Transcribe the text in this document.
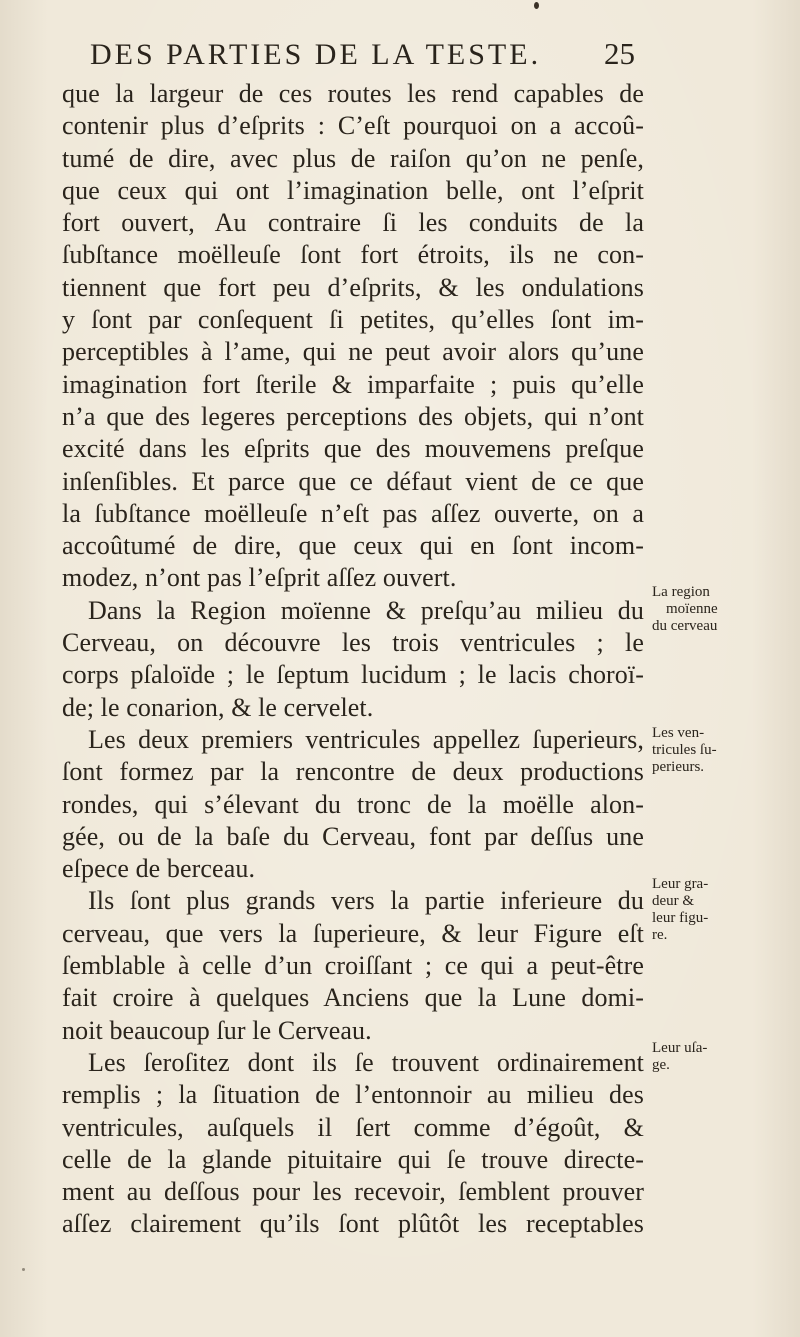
DES PARTIES DE LA TESTE.	25
que la largeur de ces routes les rend capables de
contenir plus d’eſprits : C’eſt pourquoi on a accoû-
tumé de dire, avec plus de raiſon qu’on ne penſe,
que ceux qui ont l’imagination belle, ont l’eſprit
fort ouvert, Au contraire ſi les conduits de la
ſubſtance moëlleuſe ſont fort étroits, ils ne con-
tiennent que fort peu d’eſprits, & les ondulations
y ſont par conſequent ſi petites, qu’elles ſont im-
perceptibles à l’ame, qui ne peut avoir alors qu’une
imagination fort ſterile & imparfaite ; puis qu’elle
n’a que des legeres perceptions des objets, qui n’ont
excité dans les eſprits que des mouvemens preſque
inſenſibles. Et parce que ce défaut vient de ce que
la ſubſtance moëlleuſe n’eſt pas aſſez ouverte, on a
accoûtumé de dire, que ceux qui en ſont incom-
modez, n’ont pas l’eſprit aſſez ouvert.
Dans la Region moïenne & preſqu’au milieu du
Cerveau, on découvre les trois ventricules ; le
corps pſaloïde ; le ſeptum lucidum ; le lacis choroï-
de; le conarion, & le cervelet.
Les deux premiers ventricules appellez ſuperieurs,
ſont formez par la rencontre de deux productions
rondes, qui s’élevant du tronc de la moëlle alon-
gée, ou de la baſe du Cerveau, font par deſſus une
eſpece de berceau.
Ils ſont plus grands vers la partie inferieure du
cerveau, que vers la ſuperieure, & leur Figure eſt
ſemblable à celle d’un croiſſant ; ce qui a peut-être
fait croire à quelques Anciens que la Lune domi-
noit beaucoup ſur le Cerveau.
Les ſeroſitez dont ils ſe trouvent ordinairement
remplis ; la ſituation de l’entonnoir au milieu des
ventricules, auſquels il ſert comme d’égoût, &
celle de la glande pituitaire qui ſe trouve directe-
ment au deſſous pour les recevoir, ſemblent prouver
aſſez clairement qu’ils ſont plûtôt les receptables
La region
moïenne
du cerveau
Les ven-
tricules ſu-
perieurs.
Leur gra-
deur &
leur figu-
re.
Leur uſa-
ge.
